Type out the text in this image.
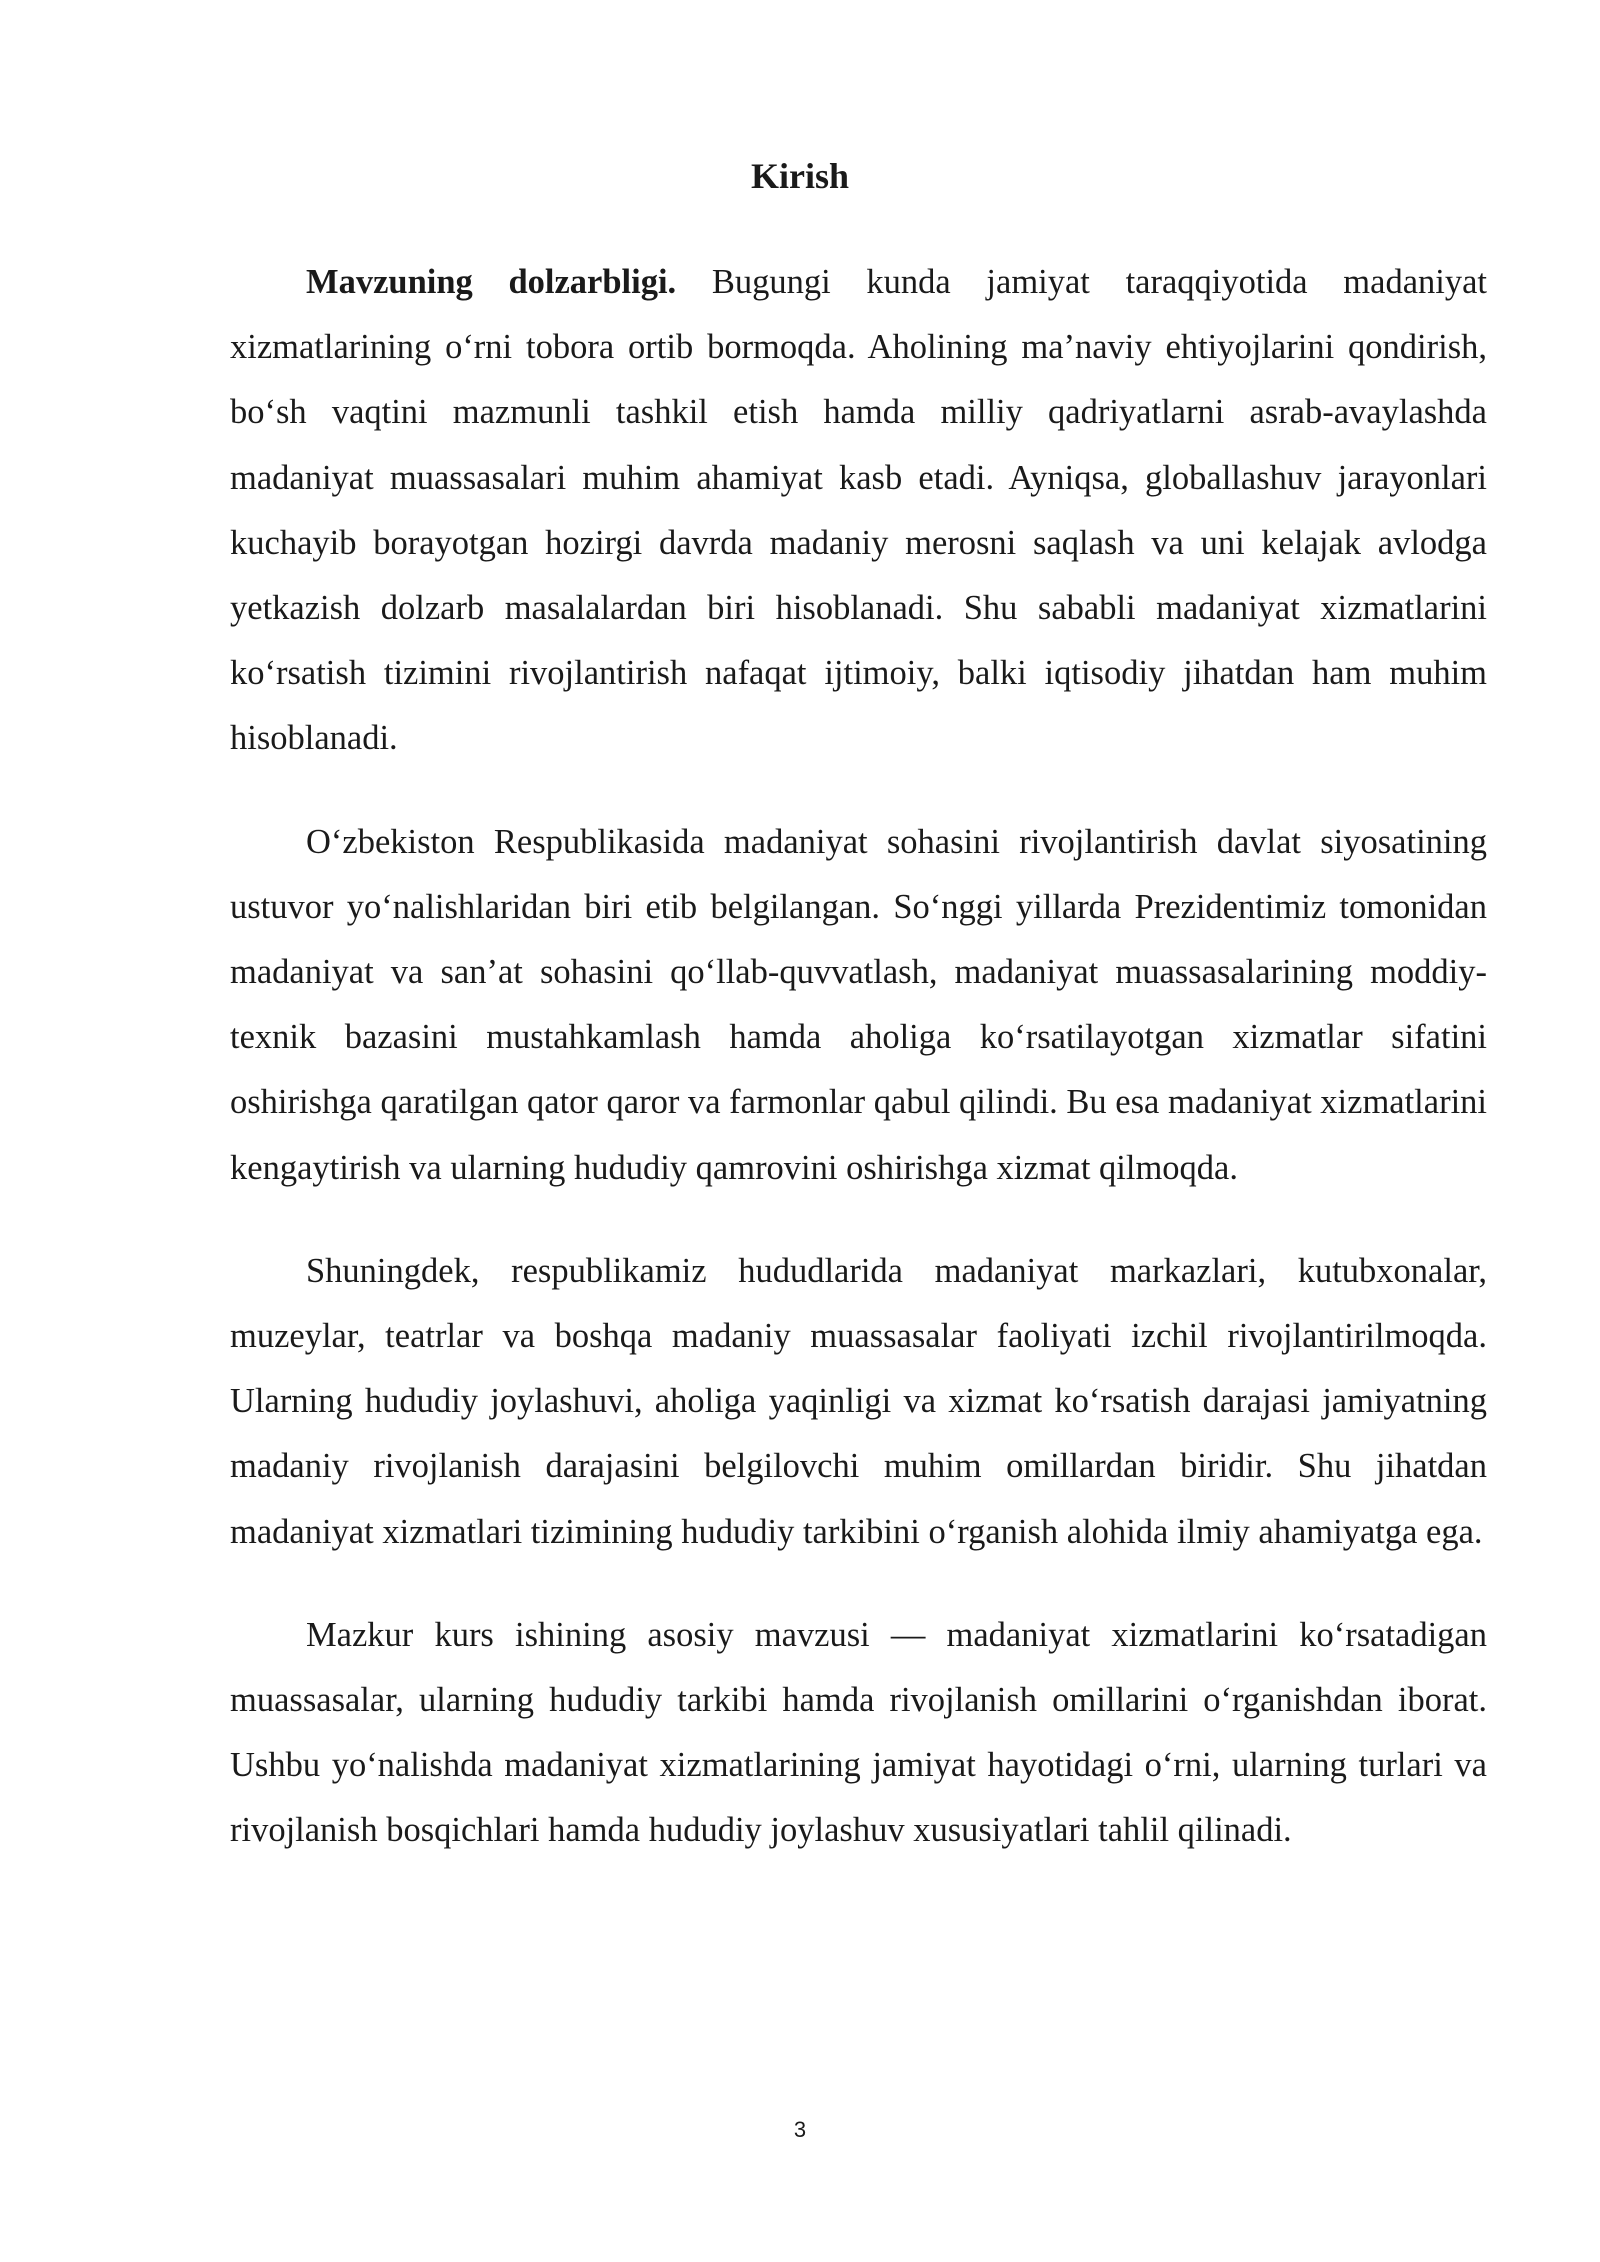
Kirish

Mavzuning dolzarbligi. Bugungi kunda jamiyat taraqqiyotida madaniyat xizmatlarining o‘rni tobora ortib bormoqda. Aholining ma’naviy ehtiyojlarini qondirish, bo‘sh vaqtini mazmunli tashkil etish hamda milliy qadriyatlarni asrab-avaylashda madaniyat muassasalari muhim ahamiyat kasb etadi. Ayniqsa, globallashuv jarayonlari kuchayib borayotgan hozirgi davrda madaniy merosni saqlash va uni kelajak avlodga yetkazish dolzarb masalalardan biri hisoblanadi. Shu sababli madaniyat xizmatlarini ko‘rsatish tizimini rivojlantirish nafaqat ijtimoiy, balki iqtisodiy jihatdan ham muhim hisoblanadi.

O‘zbekiston Respublikasida madaniyat sohasini rivojlantirish davlat siyosatining ustuvor yo‘nalishlaridan biri etib belgilangan. So‘nggi yillarda Prezidentimiz tomonidan madaniyat va san’at sohasini qo‘llab-quvvatlash, madaniyat muassasalarining moddiy-texnik bazasini mustahkamlash hamda aholiga ko‘rsatilayotgan xizmatlar sifatini oshirishga qaratilgan qator qaror va farmonlar qabul qilindi. Bu esa madaniyat xizmatlarini kengaytirish va ularning hududiy qamrovini oshirishga xizmat qilmoqda.

Shuningdek, respublikamiz hududlarida madaniyat markazlari, kutubxonalar, muzeylar, teatrlar va boshqa madaniy muassasalar faoliyati izchil rivojlantirilmoqda. Ularning hududiy joylashuvi, aholiga yaqinligi va xizmat ko‘rsatish darajasi jamiyatning madaniy rivojlanish darajasini belgilovchi muhim omillardan biridir. Shu jihatdan madaniyat xizmatlari tizimining hududiy tarkibini o‘rganish alohida ilmiy ahamiyatga ega.

Mazkur kurs ishining asosiy mavzusi — madaniyat xizmatlarini ko‘rsatadigan muassasalar, ularning hududiy tarkibi hamda rivojlanish omillarini o‘rganishdan iborat. Ushbu yo‘nalishda madaniyat xizmatlarining jamiyat hayotidagi o‘rni, ularning turlari va rivojlanish bosqichlari hamda hududiy joylashuv xususiyatlari tahlil qilinadi.

3
